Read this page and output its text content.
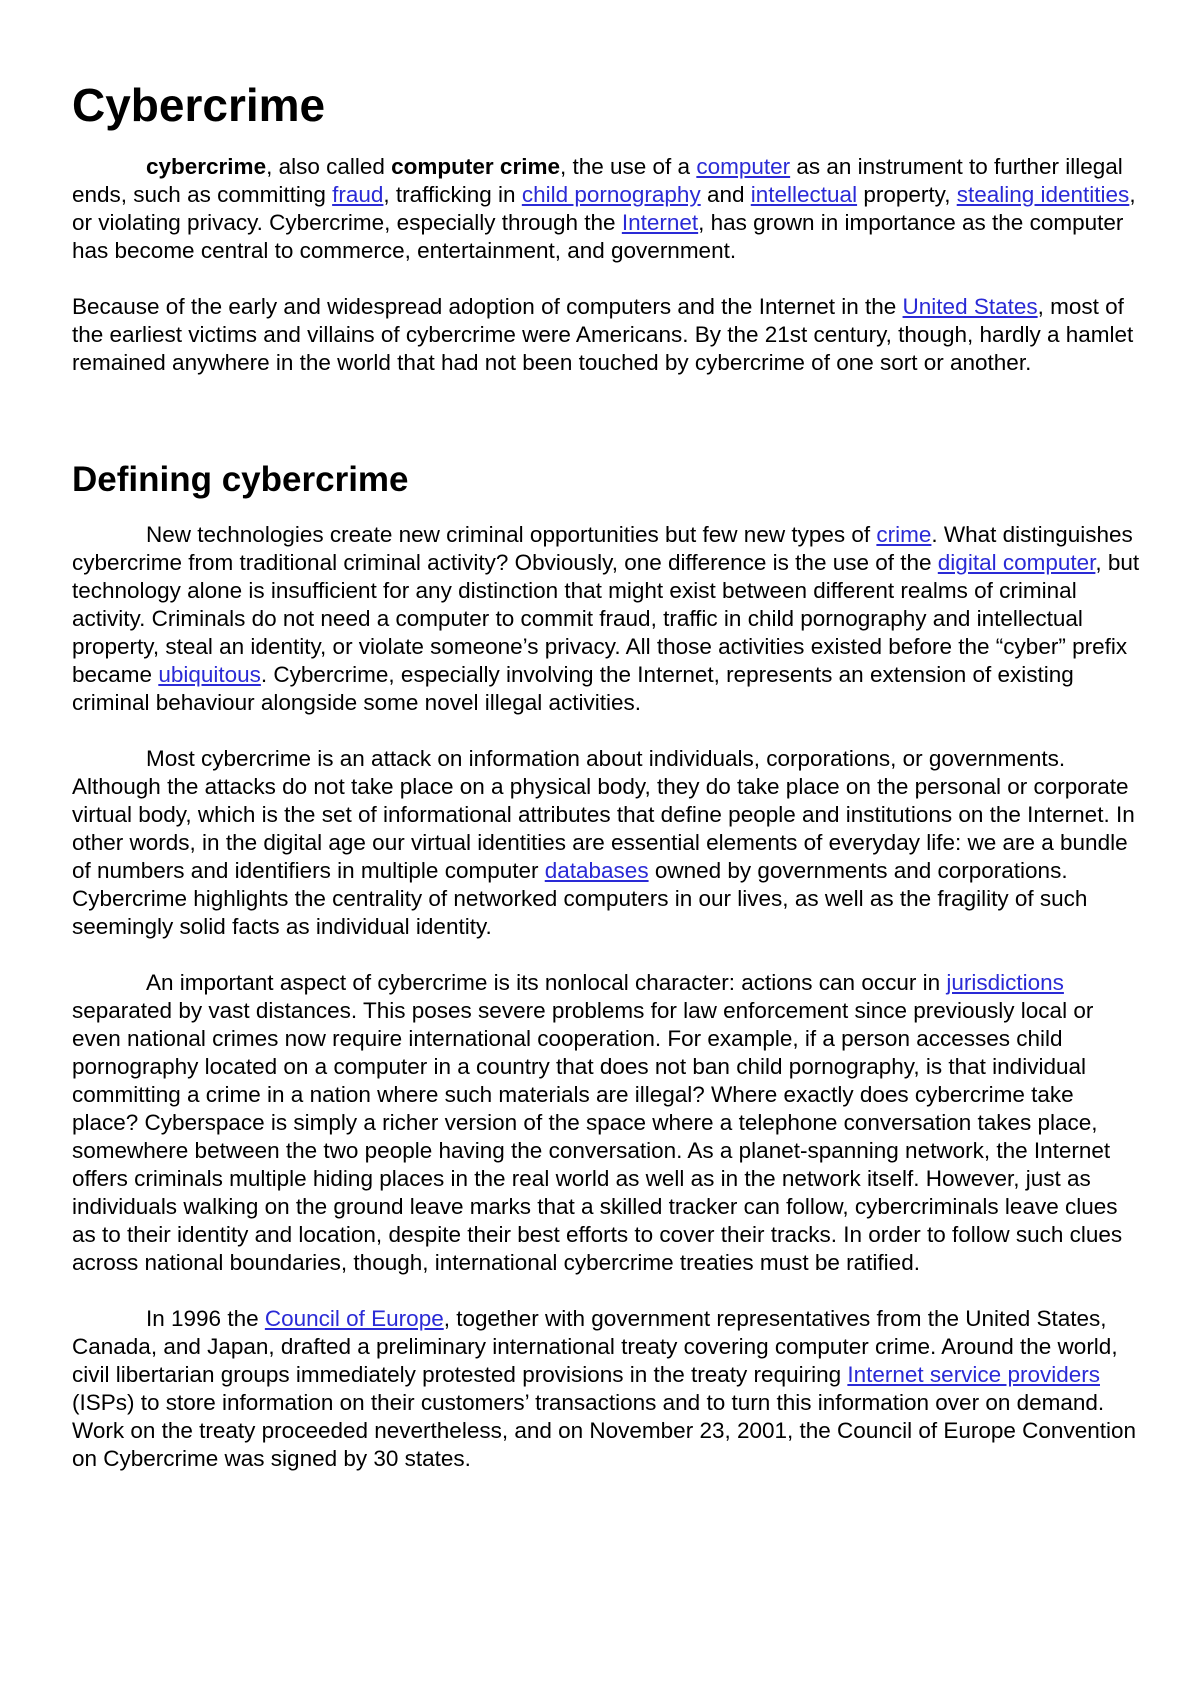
Cybercrime

cybercrime, also called computer crime, the use of a computer as an instrument to further illegal ends, such as committing fraud, trafficking in child pornography and intellectual property, stealing identities, or violating privacy. Cybercrime, especially through the Internet, has grown in importance as the computer has become central to commerce, entertainment, and government.

Because of the early and widespread adoption of computers and the Internet in the United States, most of the earliest victims and villains of cybercrime were Americans. By the 21st century, though, hardly a hamlet remained anywhere in the world that had not been touched by cybercrime of one sort or another.

Defining cybercrime

New technologies create new criminal opportunities but few new types of crime. What distinguishes cybercrime from traditional criminal activity? Obviously, one difference is the use of the digital computer, but technology alone is insufficient for any distinction that might exist between different realms of criminal activity. Criminals do not need a computer to commit fraud, traffic in child pornography and intellectual property, steal an identity, or violate someone’s privacy. All those activities existed before the “cyber” prefix became ubiquitous. Cybercrime, especially involving the Internet, represents an extension of existing criminal behaviour alongside some novel illegal activities.

Most cybercrime is an attack on information about individuals, corporations, or governments. Although the attacks do not take place on a physical body, they do take place on the personal or corporate virtual body, which is the set of informational attributes that define people and institutions on the Internet. In other words, in the digital age our virtual identities are essential elements of everyday life: we are a bundle of numbers and identifiers in multiple computer databases owned by governments and corporations. Cybercrime highlights the centrality of networked computers in our lives, as well as the fragility of such seemingly solid facts as individual identity.

An important aspect of cybercrime is its nonlocal character: actions can occur in jurisdictions separated by vast distances. This poses severe problems for law enforcement since previously local or even national crimes now require international cooperation. For example, if a person accesses child pornography located on a computer in a country that does not ban child pornography, is that individual committing a crime in a nation where such materials are illegal? Where exactly does cybercrime take place? Cyberspace is simply a richer version of the space where a telephone conversation takes place, somewhere between the two people having the conversation. As a planet-spanning network, the Internet offers criminals multiple hiding places in the real world as well as in the network itself. However, just as individuals walking on the ground leave marks that a skilled tracker can follow, cybercriminals leave clues as to their identity and location, despite their best efforts to cover their tracks. In order to follow such clues across national boundaries, though, international cybercrime treaties must be ratified.

In 1996 the Council of Europe, together with government representatives from the United States, Canada, and Japan, drafted a preliminary international treaty covering computer crime. Around the world, civil libertarian groups immediately protested provisions in the treaty requiring Internet service providers (ISPs) to store information on their customers’ transactions and to turn this information over on demand. Work on the treaty proceeded nevertheless, and on November 23, 2001, the Council of Europe Convention on Cybercrime was signed by 30 states.
